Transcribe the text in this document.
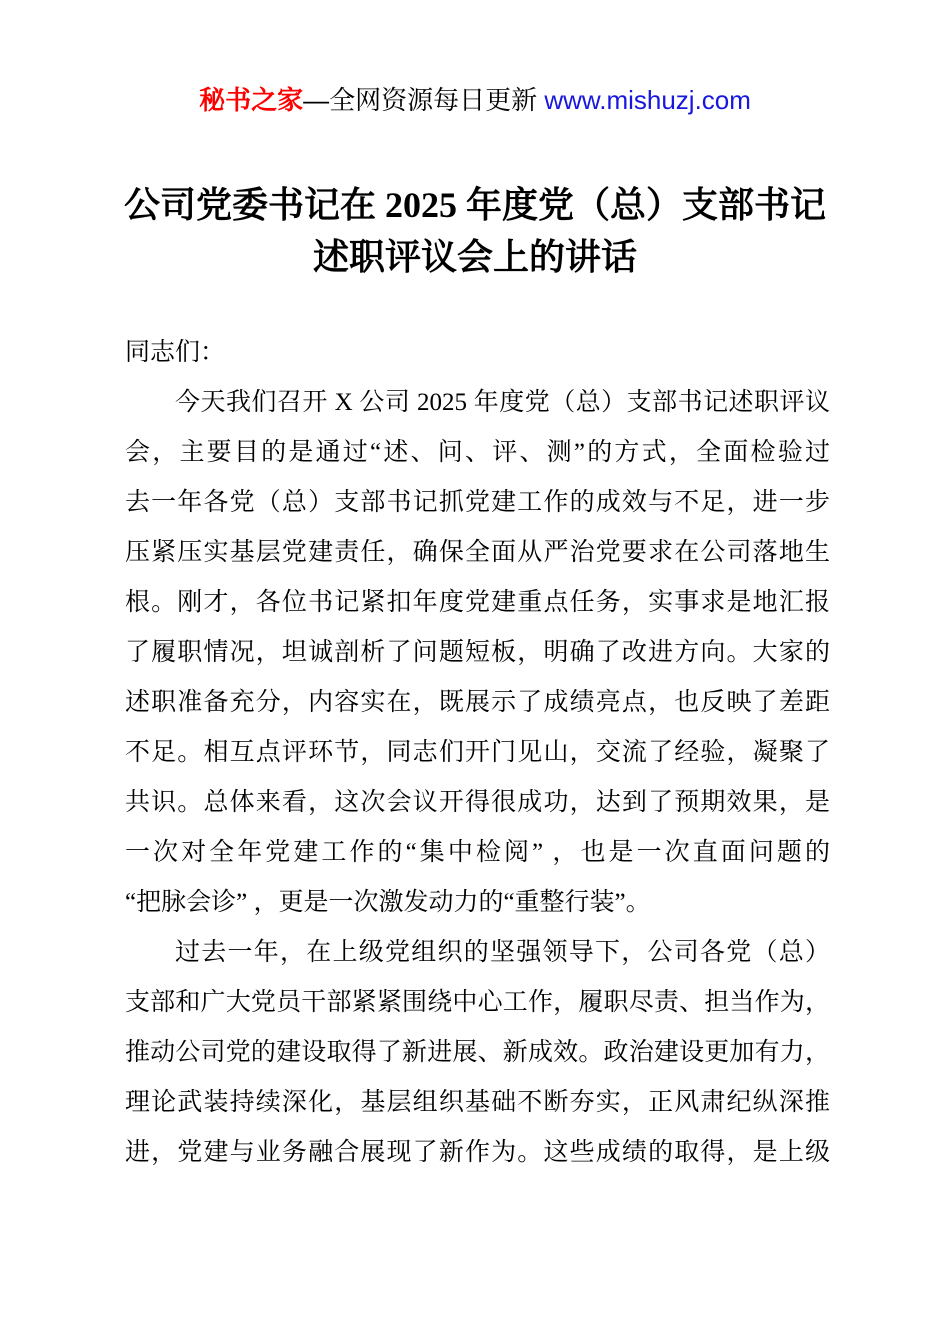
秘书之家—全网资源每日更新 www.mishuzj.com
公司党委书记在 2025 年度党（总）支部书记
述职评议会上的讲话
同志们：
今天我们召开 X 公司 2025 年度党（总）支部书记述职评议
会，主要目的是通过“述、问、评、测”的方式，全面检验过
去一年各党（总）支部书记抓党建工作的成效与不足，进一步
压紧压实基层党建责任，确保全面从严治党要求在公司落地生
根。刚才，各位书记紧扣年度党建重点任务，实事求是地汇报
了履职情况，坦诚剖析了问题短板，明确了改进方向。大家的
述职准备充分，内容实在，既展示了成绩亮点，也反映了差距
不足。相互点评环节，同志们开门见山，交流了经验，凝聚了
共识。总体来看，这次会议开得很成功，达到了预期效果，是
一次对全年党建工作的“集中检阅” ，也是一次直面问题的
“把脉会诊” ，更是一次激发动力的“重整行装”。
过去一年，在上级党组织的坚强领导下，公司各党（总）
支部和广大党员干部紧紧围绕中心工作，履职尽责、担当作为，
推动公司党的建设取得了新进展、新成效。政治建设更加有力，
理论武装持续深化，基层组织基础不断夯实，正风肃纪纵深推
进，党建与业务融合展现了新作为。这些成绩的取得，是上级
